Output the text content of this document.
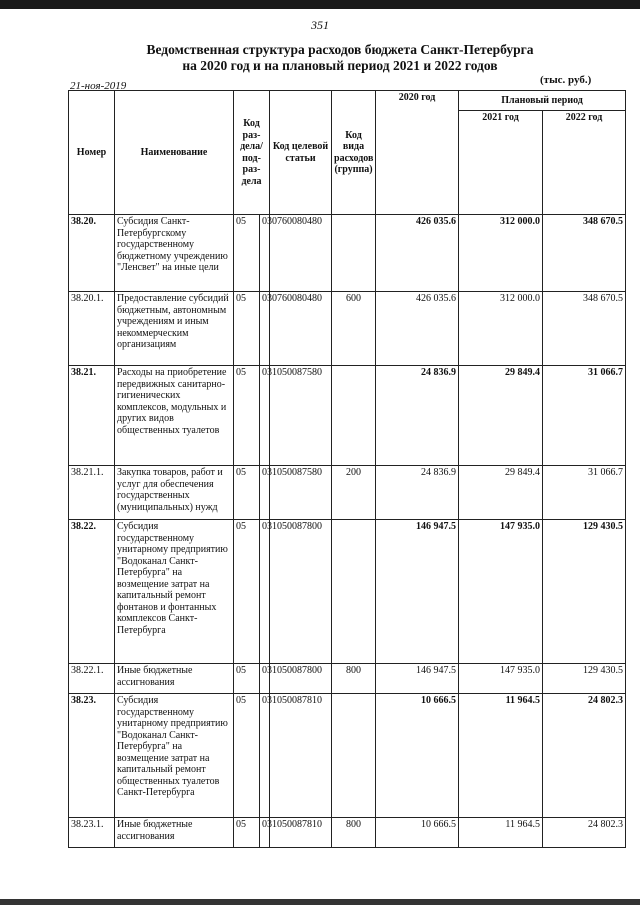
351
Ведомственная структура расходов бюджета Санкт-Петербурга
на 2020 год и на плановый период 2021 и 2022 годов
21-ноя-2019	(тыс. руб.)
Номер	Наименование	Код раз-дела/ под-раз-дела		Код целевой статьи	Код вида расходов (группа)	2020 год	Плановый период	
							2021 год	2022 год
38.20.	Субсидия Санкт-Петербургскому государственному бюджетному учреждению "Ленсвет" на иные цели	05	03	0760080480		426 035.6	312 000.0	348 670.5
38.20.1.	Предоставление субсидий бюджетным, автономным учреждениям и иным некоммерческим организациям	05	03	0760080480	600	426 035.6	312 000.0	348 670.5
38.21.	Расходы на приобретение передвижных санитарно-гигиенических комплексов, модульных и других видов общественных туалетов	05	03	1050087580		24 836.9	29 849.4	31 066.7
38.21.1.	Закупка товаров, работ и услуг для обеспечения государственных (муниципальных) нужд	05	03	1050087580	200	24 836.9	29 849.4	31 066.7
38.22.	Субсидия государственному унитарному предприятию "Водоканал Санкт-Петербурга" на возмещение затрат на капитальный ремонт фонтанов и фонтанных комплексов Санкт-Петербурга	05	03	1050087800		146 947.5	147 935.0	129 430.5
38.22.1.	Иные бюджетные ассигнования	05	03	1050087800	800	146 947.5	147 935.0	129 430.5
38.23.	Субсидия государственному унитарному предприятию "Водоканал Санкт-Петербурга" на возмещение затрат на капитальный ремонт общественных туалетов Санкт-Петербурга	05	03	1050087810		10 666.5	11 964.5	24 802.3
38.23.1.	Иные бюджетные ассигнования	05	03	1050087810	800	10 666.5	11 964.5	24 802.3
